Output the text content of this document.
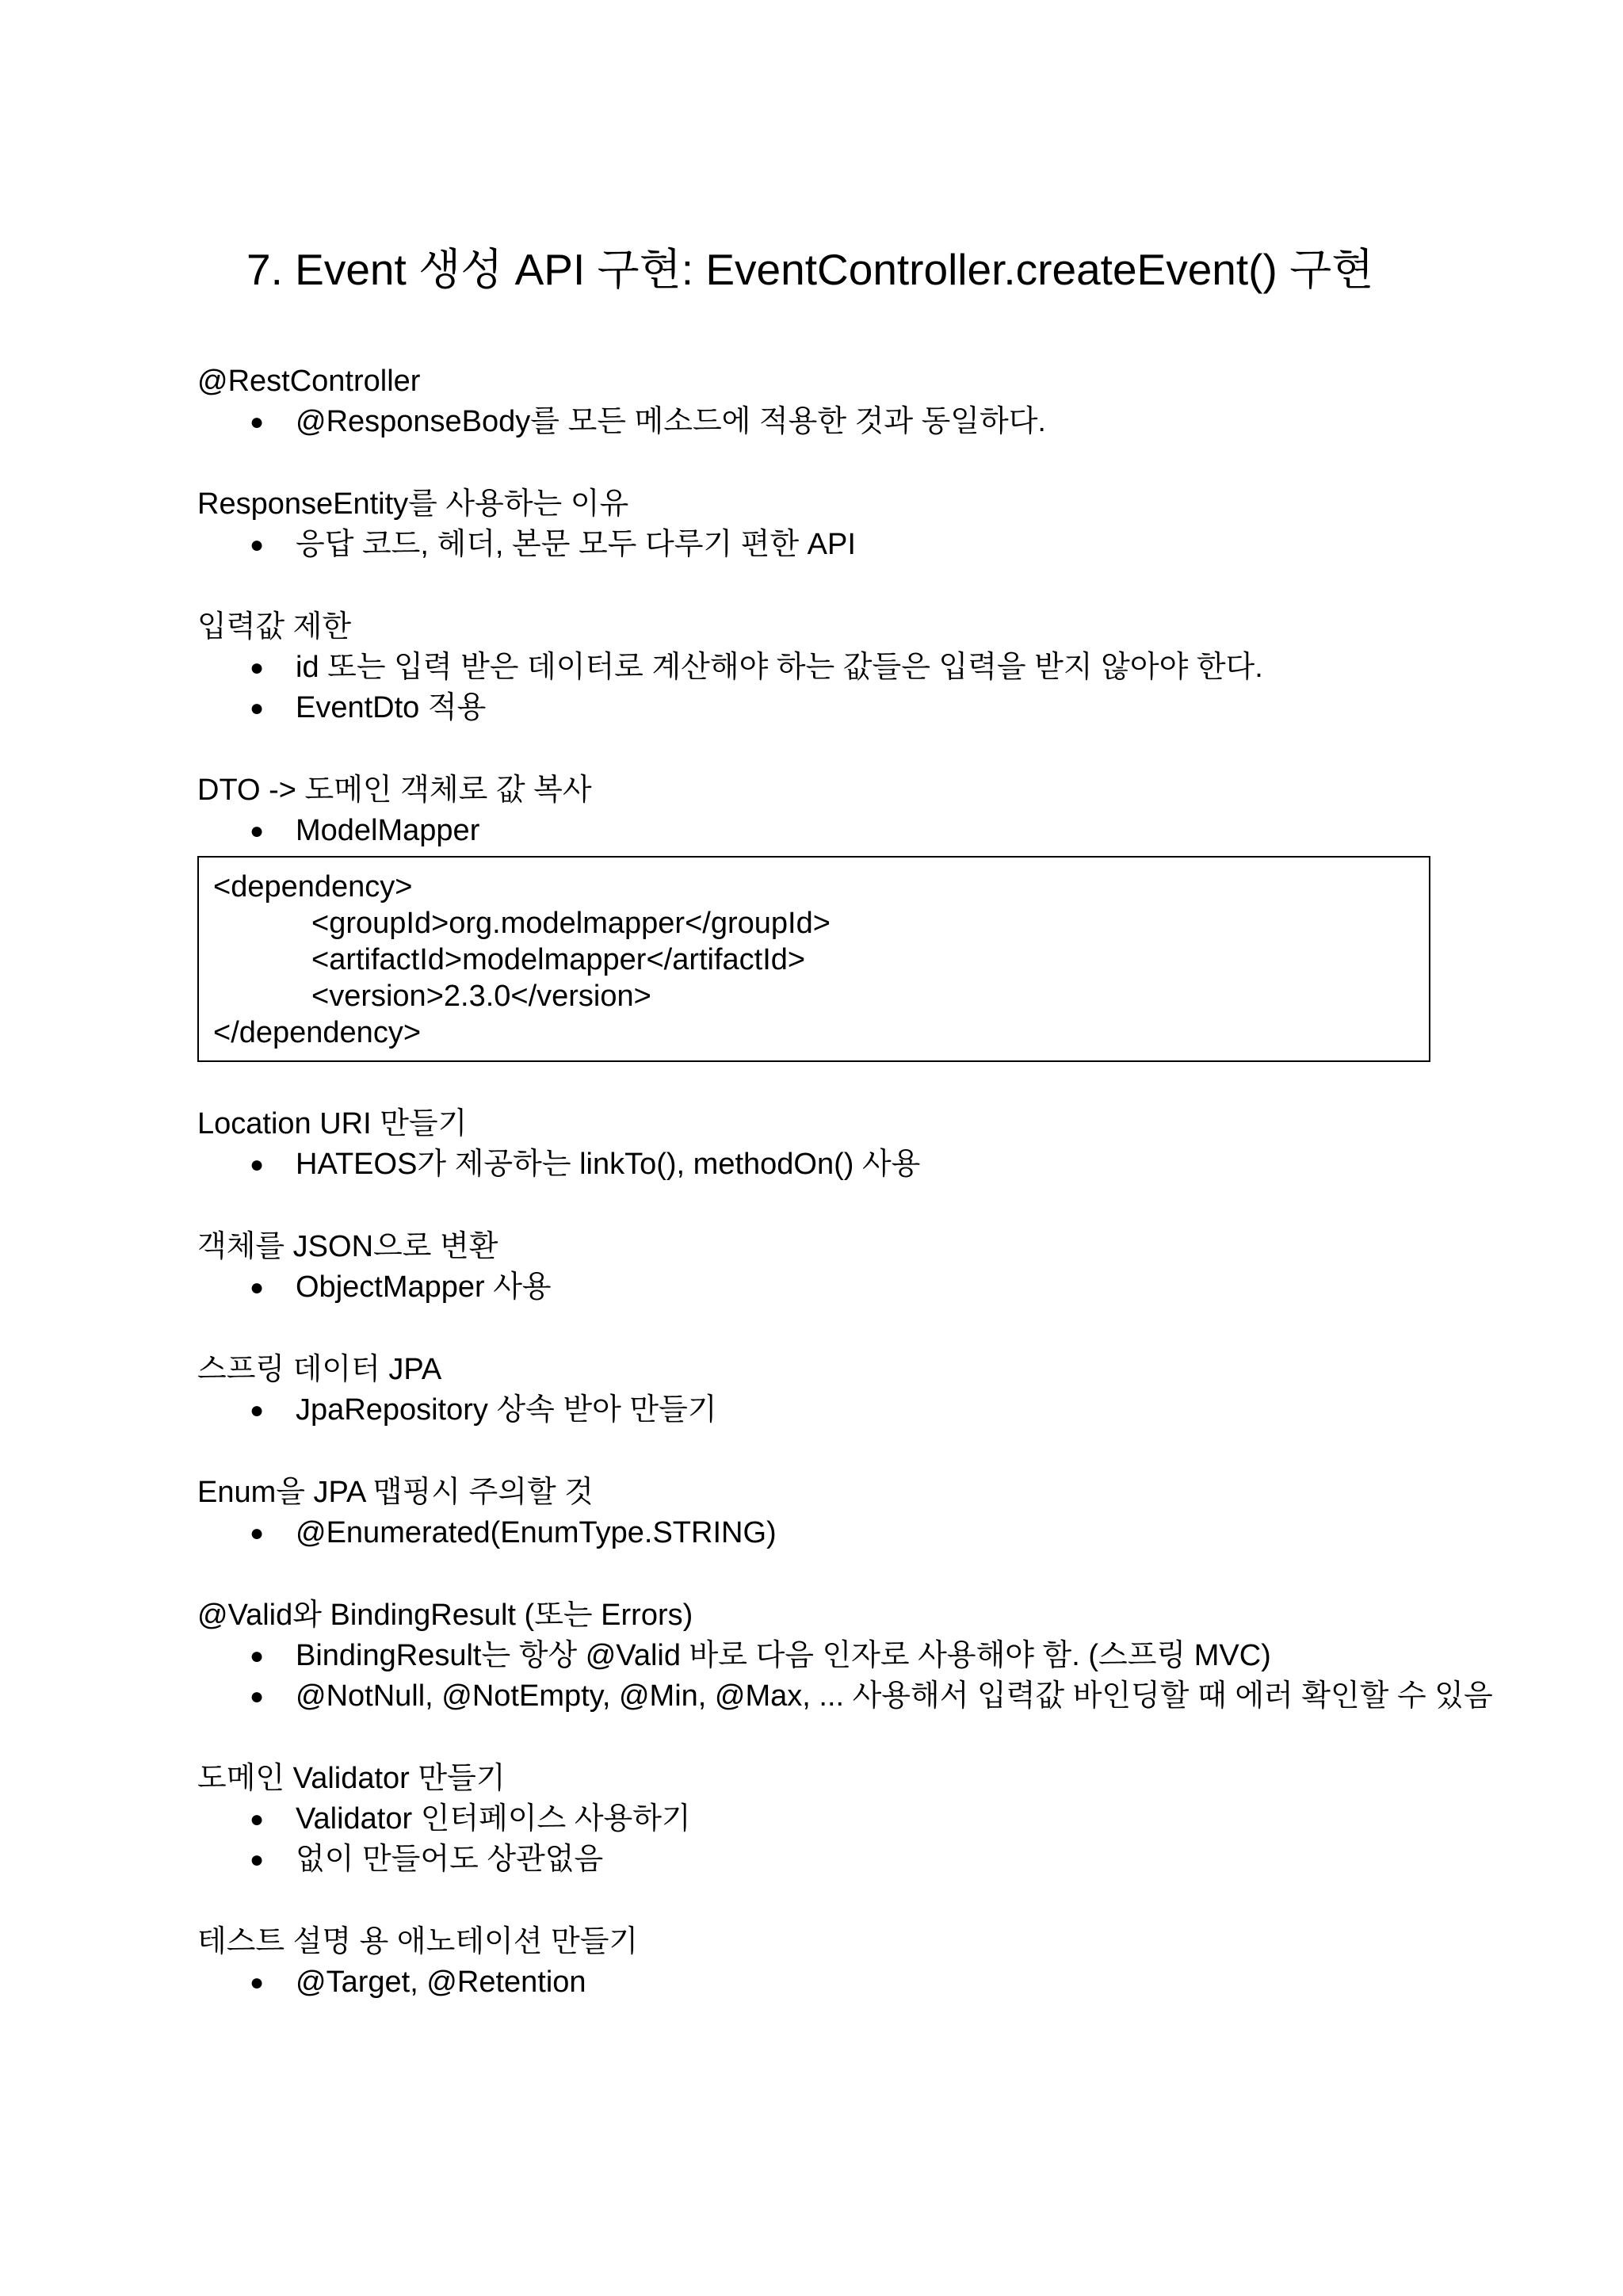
7. Event 생성 API 구현: EventController.createEvent() 구현
@RestController
● @ResponseBody를 모든 메소드에 적용한 것과 동일하다.
ResponseEntity를 사용하는 이유
● 응답 코드, 헤더, 본문 모두 다루기 편한 API
입력값 제한
● id 또는 입력 받은 데이터로 계산해야 하는 값들은 입력을 받지 않아야 한다.
● EventDto 적용
DTO -> 도메인 객체로 값 복사
● ModelMapper
<dependency>
<groupId>org.modelmapper</groupId>
<artifactId>modelmapper</artifactId>
<version>2.3.0</version>
</dependency>
Location URI 만들기
● HATEOS가 제공하는 linkTo(), methodOn() 사용
객체를 JSON으로 변환
● ObjectMapper 사용
스프링 데이터 JPA
● JpaRepository 상속 받아 만들기
Enum을 JPA 맵핑시 주의할 것
● @Enumerated(EnumType.STRING)
@Valid와 BindingResult (또는 Errors)
● BindingResult는 항상 @Valid 바로 다음 인자로 사용해야 함. (스프링 MVC)
● @NotNull, @NotEmpty, @Min, @Max, ... 사용해서 입력값 바인딩할 때 에러 확인할 수 있음
도메인 Validator 만들기
● Validator 인터페이스 사용하기
● 없이 만들어도 상관없음
테스트 설명 용 애노테이션 만들기
● @Target, @Retention
